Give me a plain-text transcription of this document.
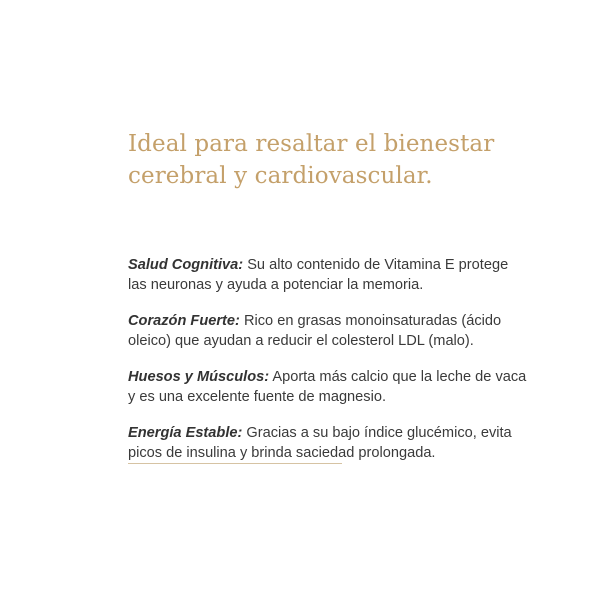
Ideal para resaltar el bienestar
cerebral y cardiovascular.
Salud Cognitiva: Su alto contenido de Vitamina E protege las neuronas y ayuda a potenciar la memoria.
Corazón Fuerte: Rico en grasas monoinsaturadas (ácido oleico) que ayudan a reducir el colesterol LDL (malo).
Huesos y Músculos: Aporta más calcio que la leche de vaca y es una excelente fuente de magnesio.
Energía Estable: Gracias a su bajo índice glucémico, evita picos de insulina y brinda saciedad prolongada.
